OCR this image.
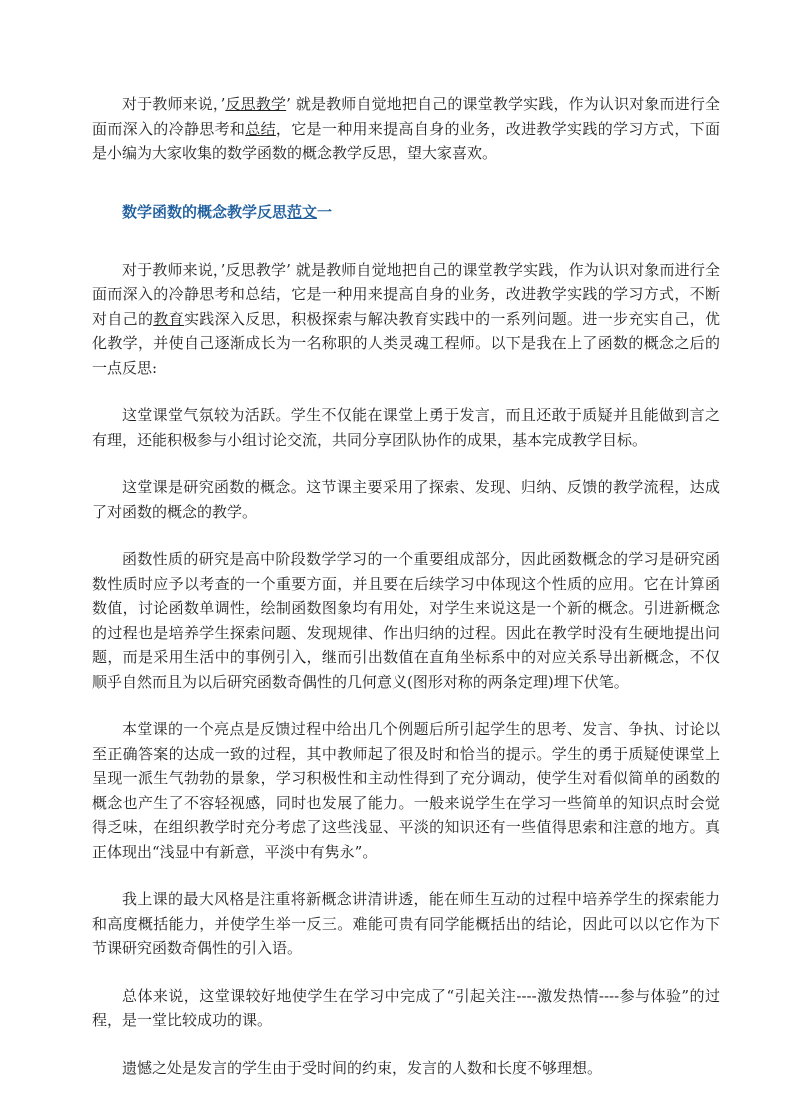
对于教师来说，’反思教学’ 就是教师自觉地把自己的课堂教学实践，作为认识对象而进行全面而深入的冷静思考和总结，它是一种用来提高自身的业务，改进教学实践的学习方式，下面是小编为大家收集的数学函数的概念教学反思，望大家喜欢。

数学函数的概念教学反思范文一

对于教师来说，’反思教学’ 就是教师自觉地把自己的课堂教学实践，作为认识对象而进行全面而深入的冷静思考和总结，它是一种用来提高自身的业务，改进教学实践的学习方式，不断对自己的教育实践深入反思，积极探索与解决教育实践中的一系列问题。进一步充实自己，优化教学，并使自己逐渐成长为一名称职的人类灵魂工程师。以下是我在上了函数的概念之后的一点反思:

这堂课堂气氛较为活跃。学生不仅能在课堂上勇于发言，而且还敢于质疑并且能做到言之有理，还能积极参与小组讨论交流，共同分享团队协作的成果，基本完成教学目标。

这堂课是研究函数的概念。这节课主要采用了探索、发现、归纳、反馈的教学流程，达成了对函数的概念的教学。

函数性质的研究是高中阶段数学学习的一个重要组成部分，因此函数概念的学习是研究函数性质时应予以考查的一个重要方面，并且要在后续学习中体现这个性质的应用。它在计算函数值，讨论函数单调性，绘制函数图象均有用处，对学生来说这是一个新的概念。引进新概念的过程也是培养学生探索问题、发现规律、作出归纳的过程。因此在教学时没有生硬地提出问题，而是采用生活中的事例引入，继而引出数值在直角坐标系中的对应关系导出新概念，不仅顺乎自然而且为以后研究函数奇偶性的几何意义(图形对称的两条定理)埋下伏笔。

本堂课的一个亮点是反馈过程中给出几个例题后所引起学生的思考、发言、争执、讨论以至正确答案的达成一致的过程，其中教师起了很及时和恰当的提示。学生的勇于质疑使课堂上呈现一派生气勃勃的景象，学习积极性和主动性得到了充分调动，使学生对看似简单的函数的概念也产生了不容轻视感，同时也发展了能力。一般来说学生在学习一些简单的知识点时会觉得乏味，在组织教学时充分考虑了这些浅显、平淡的知识还有一些值得思索和注意的地方。真正体现出“浅显中有新意，平淡中有隽永”。

我上课的最大风格是注重将新概念讲清讲透，能在师生互动的过程中培养学生的探索能力和高度概括能力，并使学生举一反三。难能可贵有同学能概括出的结论，因此可以以它作为下节课研究函数奇偶性的引入语。

总体来说，这堂课较好地使学生在学习中完成了“引起关注----激发热情----参与体验”的过程，是一堂比较成功的课。

遗憾之处是发言的学生由于受时间的约束，发言的人数和长度不够理想。
